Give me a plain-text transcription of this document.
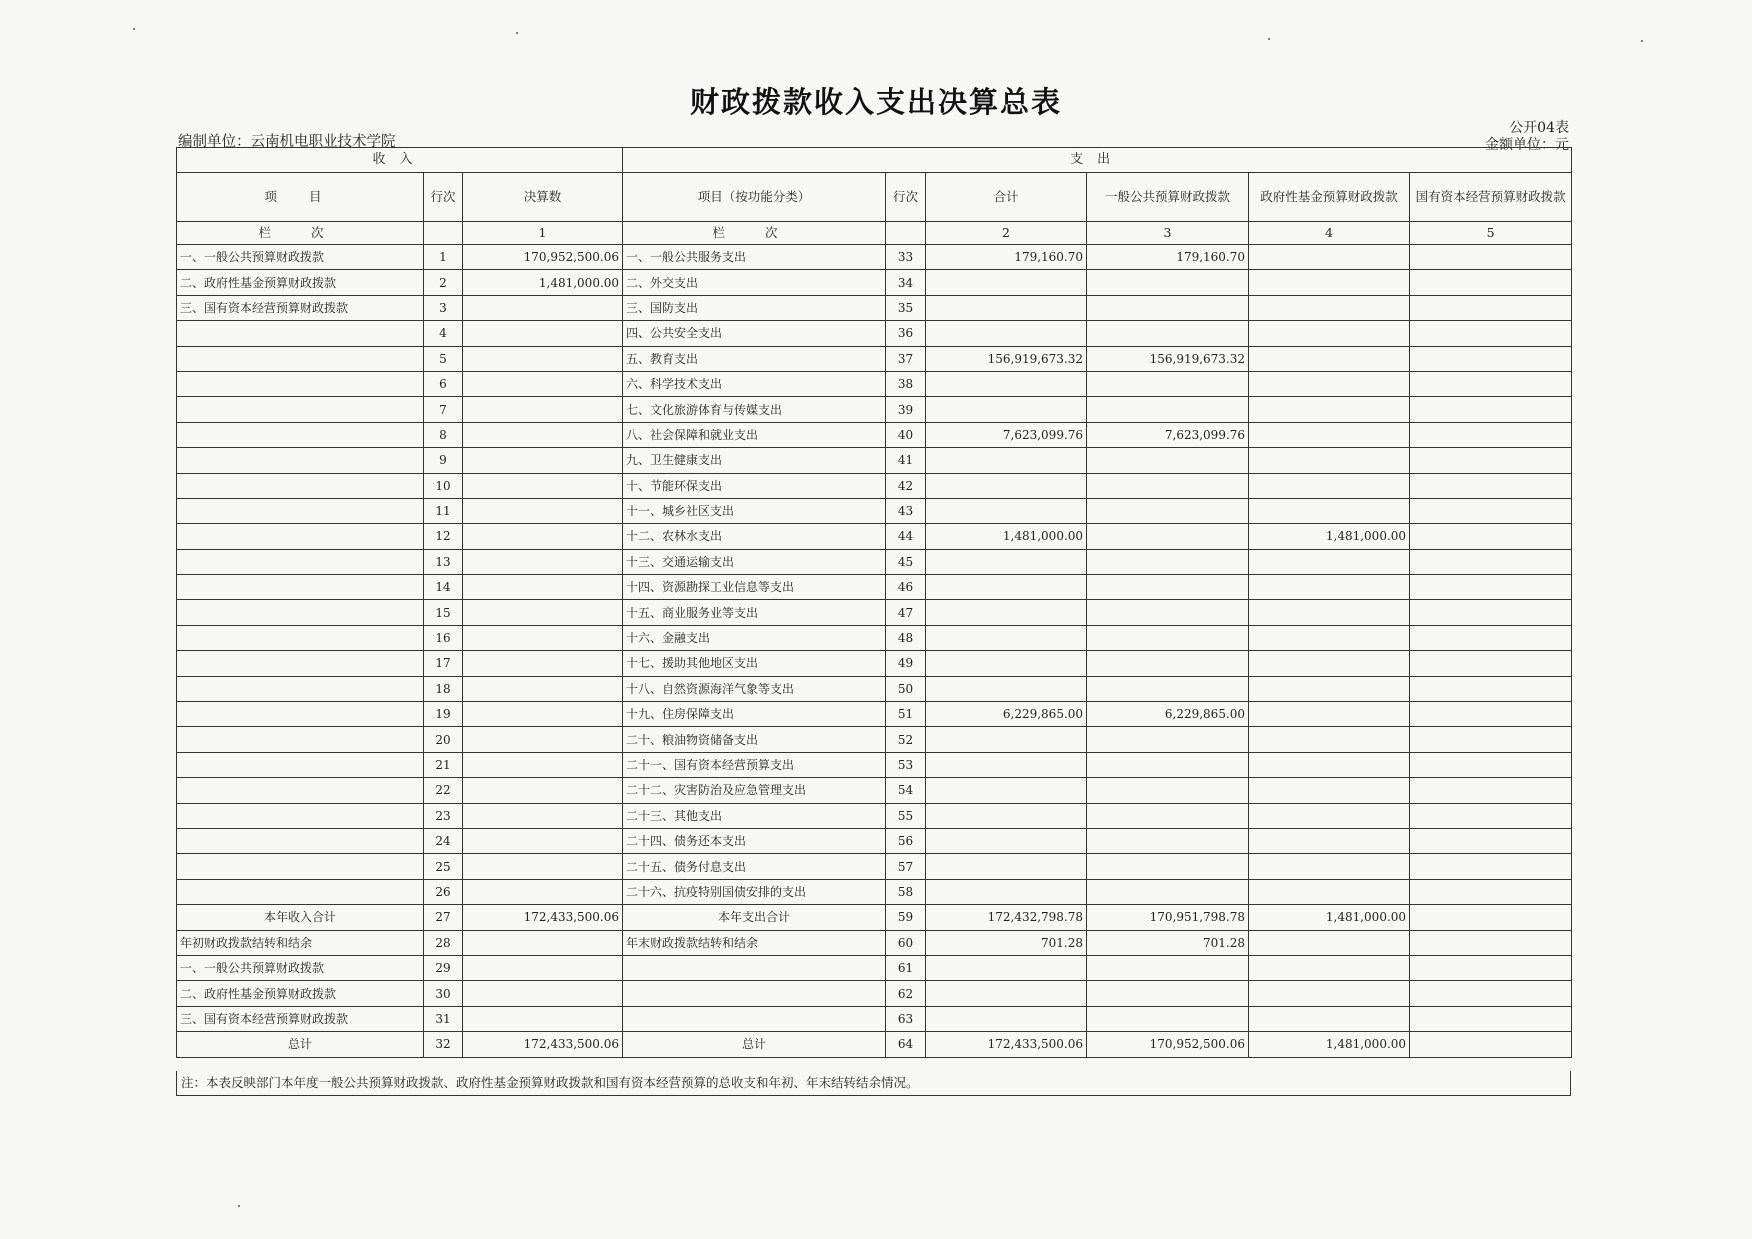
财政拨款收入支出决算总表
编制单位：云南机电职业技术学院
公开04表
金额单位：元
收入			支出					
项 目	行次	决算数	项目（按功能分类）	行次	合计	一般公共预算财政拨款	政府性基金预算财政拨款	国有资本经营预算财政拨款
栏 次		1	栏 次		2	3	4	5
一、一般公共预算财政拨款	1	170,952,500.06	一、一般公共服务支出	33	179,160.70	179,160.70		
二、政府性基金预算财政拨款	2	1,481,000.00	二、外交支出	34				
三、国有资本经营预算财政拨款	3		三、国防支出	35				
	4		四、公共安全支出	36				
	5		五、教育支出	37	156,919,673.32	156,919,673.32		
	6		六、科学技术支出	38				
	7		七、文化旅游体育与传媒支出	39				
	8		八、社会保障和就业支出	40	7,623,099.76	7,623,099.76		
	9		九、卫生健康支出	41				
	10		十、节能环保支出	42				
	11		十一、城乡社区支出	43				
	12		十二、农林水支出	44	1,481,000.00		1,481,000.00	
	13		十三、交通运输支出	45				
	14		十四、资源勘探工业信息等支出	46				
	15		十五、商业服务业等支出	47				
	16		十六、金融支出	48				
	17		十七、援助其他地区支出	49				
	18		十八、自然资源海洋气象等支出	50				
	19		十九、住房保障支出	51	6,229,865.00	6,229,865.00		
	20		二十、粮油物资储备支出	52				
	21		二十一、国有资本经营预算支出	53				
	22		二十二、灾害防治及应急管理支出	54				
	23		二十三、其他支出	55				
	24		二十四、债务还本支出	56				
	25		二十五、债务付息支出	57				
	26		二十六、抗疫特别国债安排的支出	58				
本年收入合计	27	172,433,500.06	本年支出合计	59	172,432,798.78	170,951,798.78	1,481,000.00	
年初财政拨款结转和结余	28		年末财政拨款结转和结余	60	701.28	701.28		
一、一般公共预算财政拨款	29			61				
二、政府性基金预算财政拨款	30			62				
三、国有资本经营预算财政拨款	31			63				
总计	32	172,433,500.06	总计	64	172,433,500.06	170,952,500.06	1,481,000.00	
注：本表反映部门本年度一般公共预算财政拨款、政府性基金预算财政拨款和国有资本经营预算的总收支和年初、年末结转结余情况。
